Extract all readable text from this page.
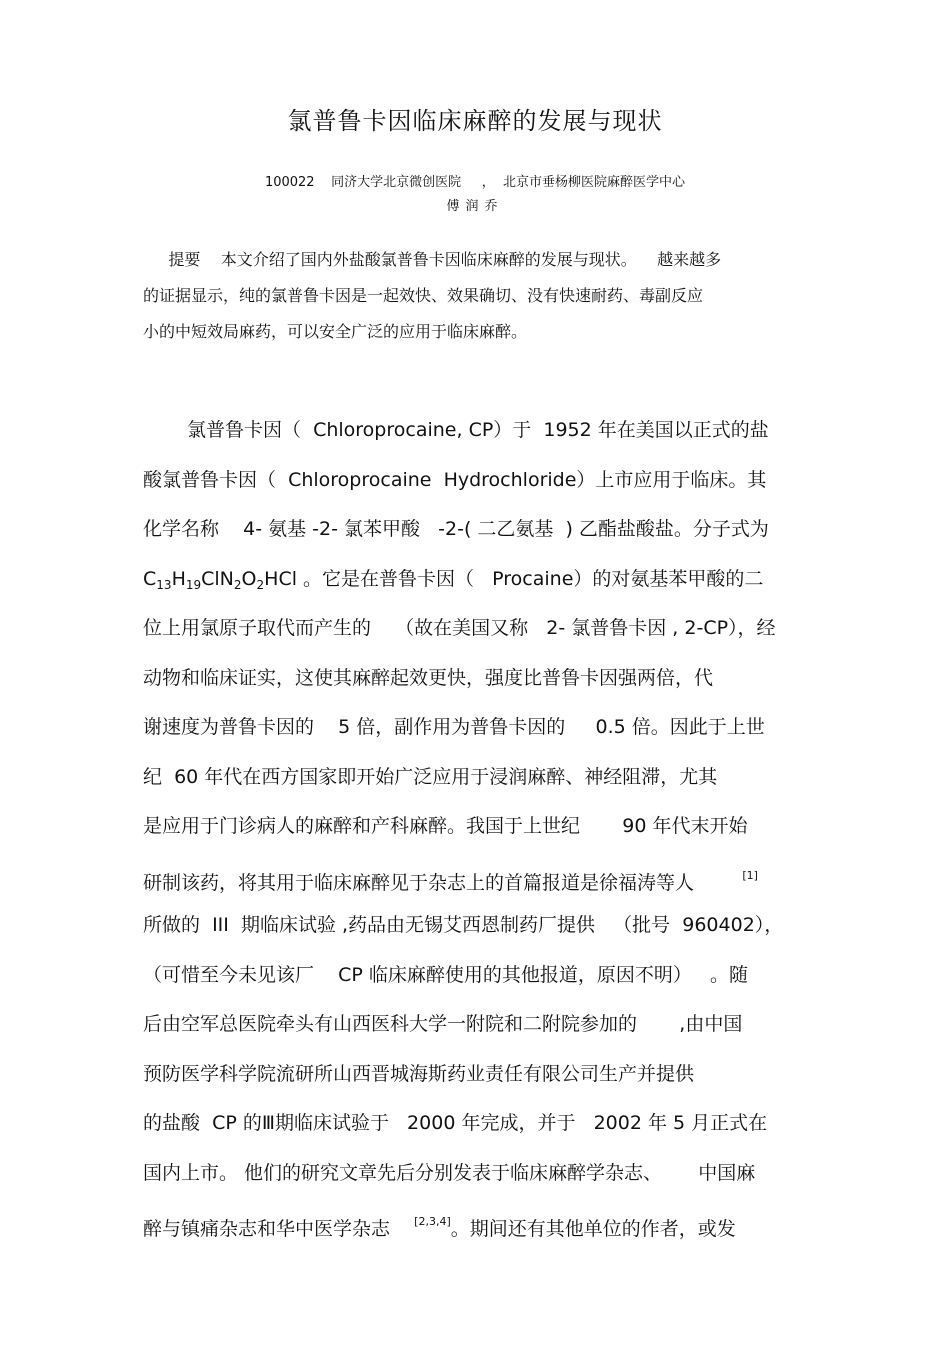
氯普鲁卡因临床麻醉的发展与现状
100022    同济大学北京微创医院     ，  北京市垂杨柳医院麻醉医学中心
傅润乔
提要    本文介绍了国内外盐酸氯普鲁卡因临床麻醉的发展与现状。    越来越多
的证据显示，纯的氯普鲁卡因是一起效快、效果确切、没有快速耐药、毒副反应
小的中短效局麻药，可以安全广泛的应用于临床麻醉。
氯普鲁卡因（  Chloroprocaine, CP）于  1952 年在美国以正式的盐
酸氯普鲁卡因（  Chloroprocaine  Hydrochloride）上市应用于临床。其
化学名称    4- 氨基 -2- 氯苯甲酸   -2-( 二乙氨基  ) 乙酯盐酸盐。分子式为
$C_{13}H_{19}ClN_2O_2HCl$ 。它是在普鲁卡因（   Procaine）的对氨基苯甲酸的二
位上用氯原子取代而产生的    （故在美国又称   2- 氯普鲁卡因 , 2-CP），经
动物和临床证实，这使其麻醉起效更快，强度比普鲁卡因强两倍，代
谢速度为普鲁卡因的    5 倍，副作用为普鲁卡因的     0.5 倍。因此于上世
纪  60 年代在西方国家即开始广泛应用于浸润麻醉、神经阻滞，尤其
是应用于门诊病人的麻醉和产科麻醉。我国于上世纪       90 年代末开始
研制该药，将其用于临床麻醉见于杂志上的首篇报道是徐福涛等人        [1]
所做的  III  期临床试验 ,药品由无锡艾西恩制药厂提供   （批号  960402），
（可惜至今未见该厂    CP 临床麻醉使用的其他报道，原因不明）   。随
后由空军总医院牵头有山西医科大学一附院和二附院参加的       ,由中国
预防医学科学院流研所山西晋城海斯药业责任有限公司生产并提供
的盐酸  CP 的Ⅲ期临床试验于   2000 年完成，并于   2002 年 5 月正式在
国内上市。 他们的研究文章先后分别发表于临床麻醉学杂志、      中国麻
醉与镇痛杂志和华中医学杂志    [2,3,4]。期间还有其他单位的作者，或发
